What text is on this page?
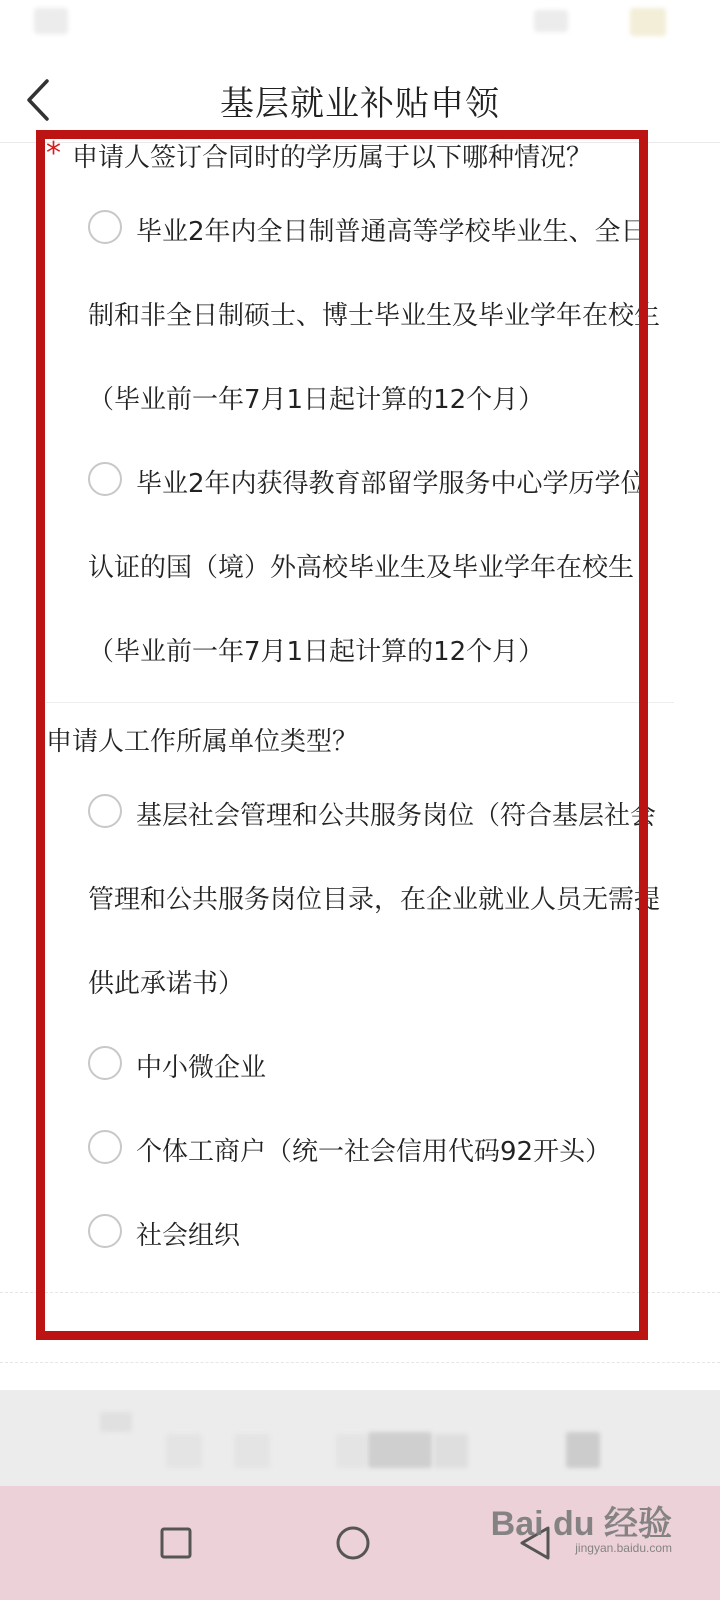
基层就业补贴申领
* 申请人签订合同时的学历属于以下哪种情况？
毕业2年内全日制普通高等学校毕业生、全日制和非全日制硕士、博士毕业生及毕业学年在校生（毕业前一年7月1日起计算的12个月）
毕业2年内获得教育部留学服务中心学历学位认证的国（境）外高校毕业生及毕业学年在校生（毕业前一年7月1日起计算的12个月）
申请人工作所属单位类型？
基层社会管理和公共服务岗位（符合基层社会管理和公共服务岗位目录，在企业就业人员无需提供此承诺书）
中小微企业
个体工商户（统一社会信用代码92开头）
社会组织
Bai du 经验
jingyan.baidu.com
